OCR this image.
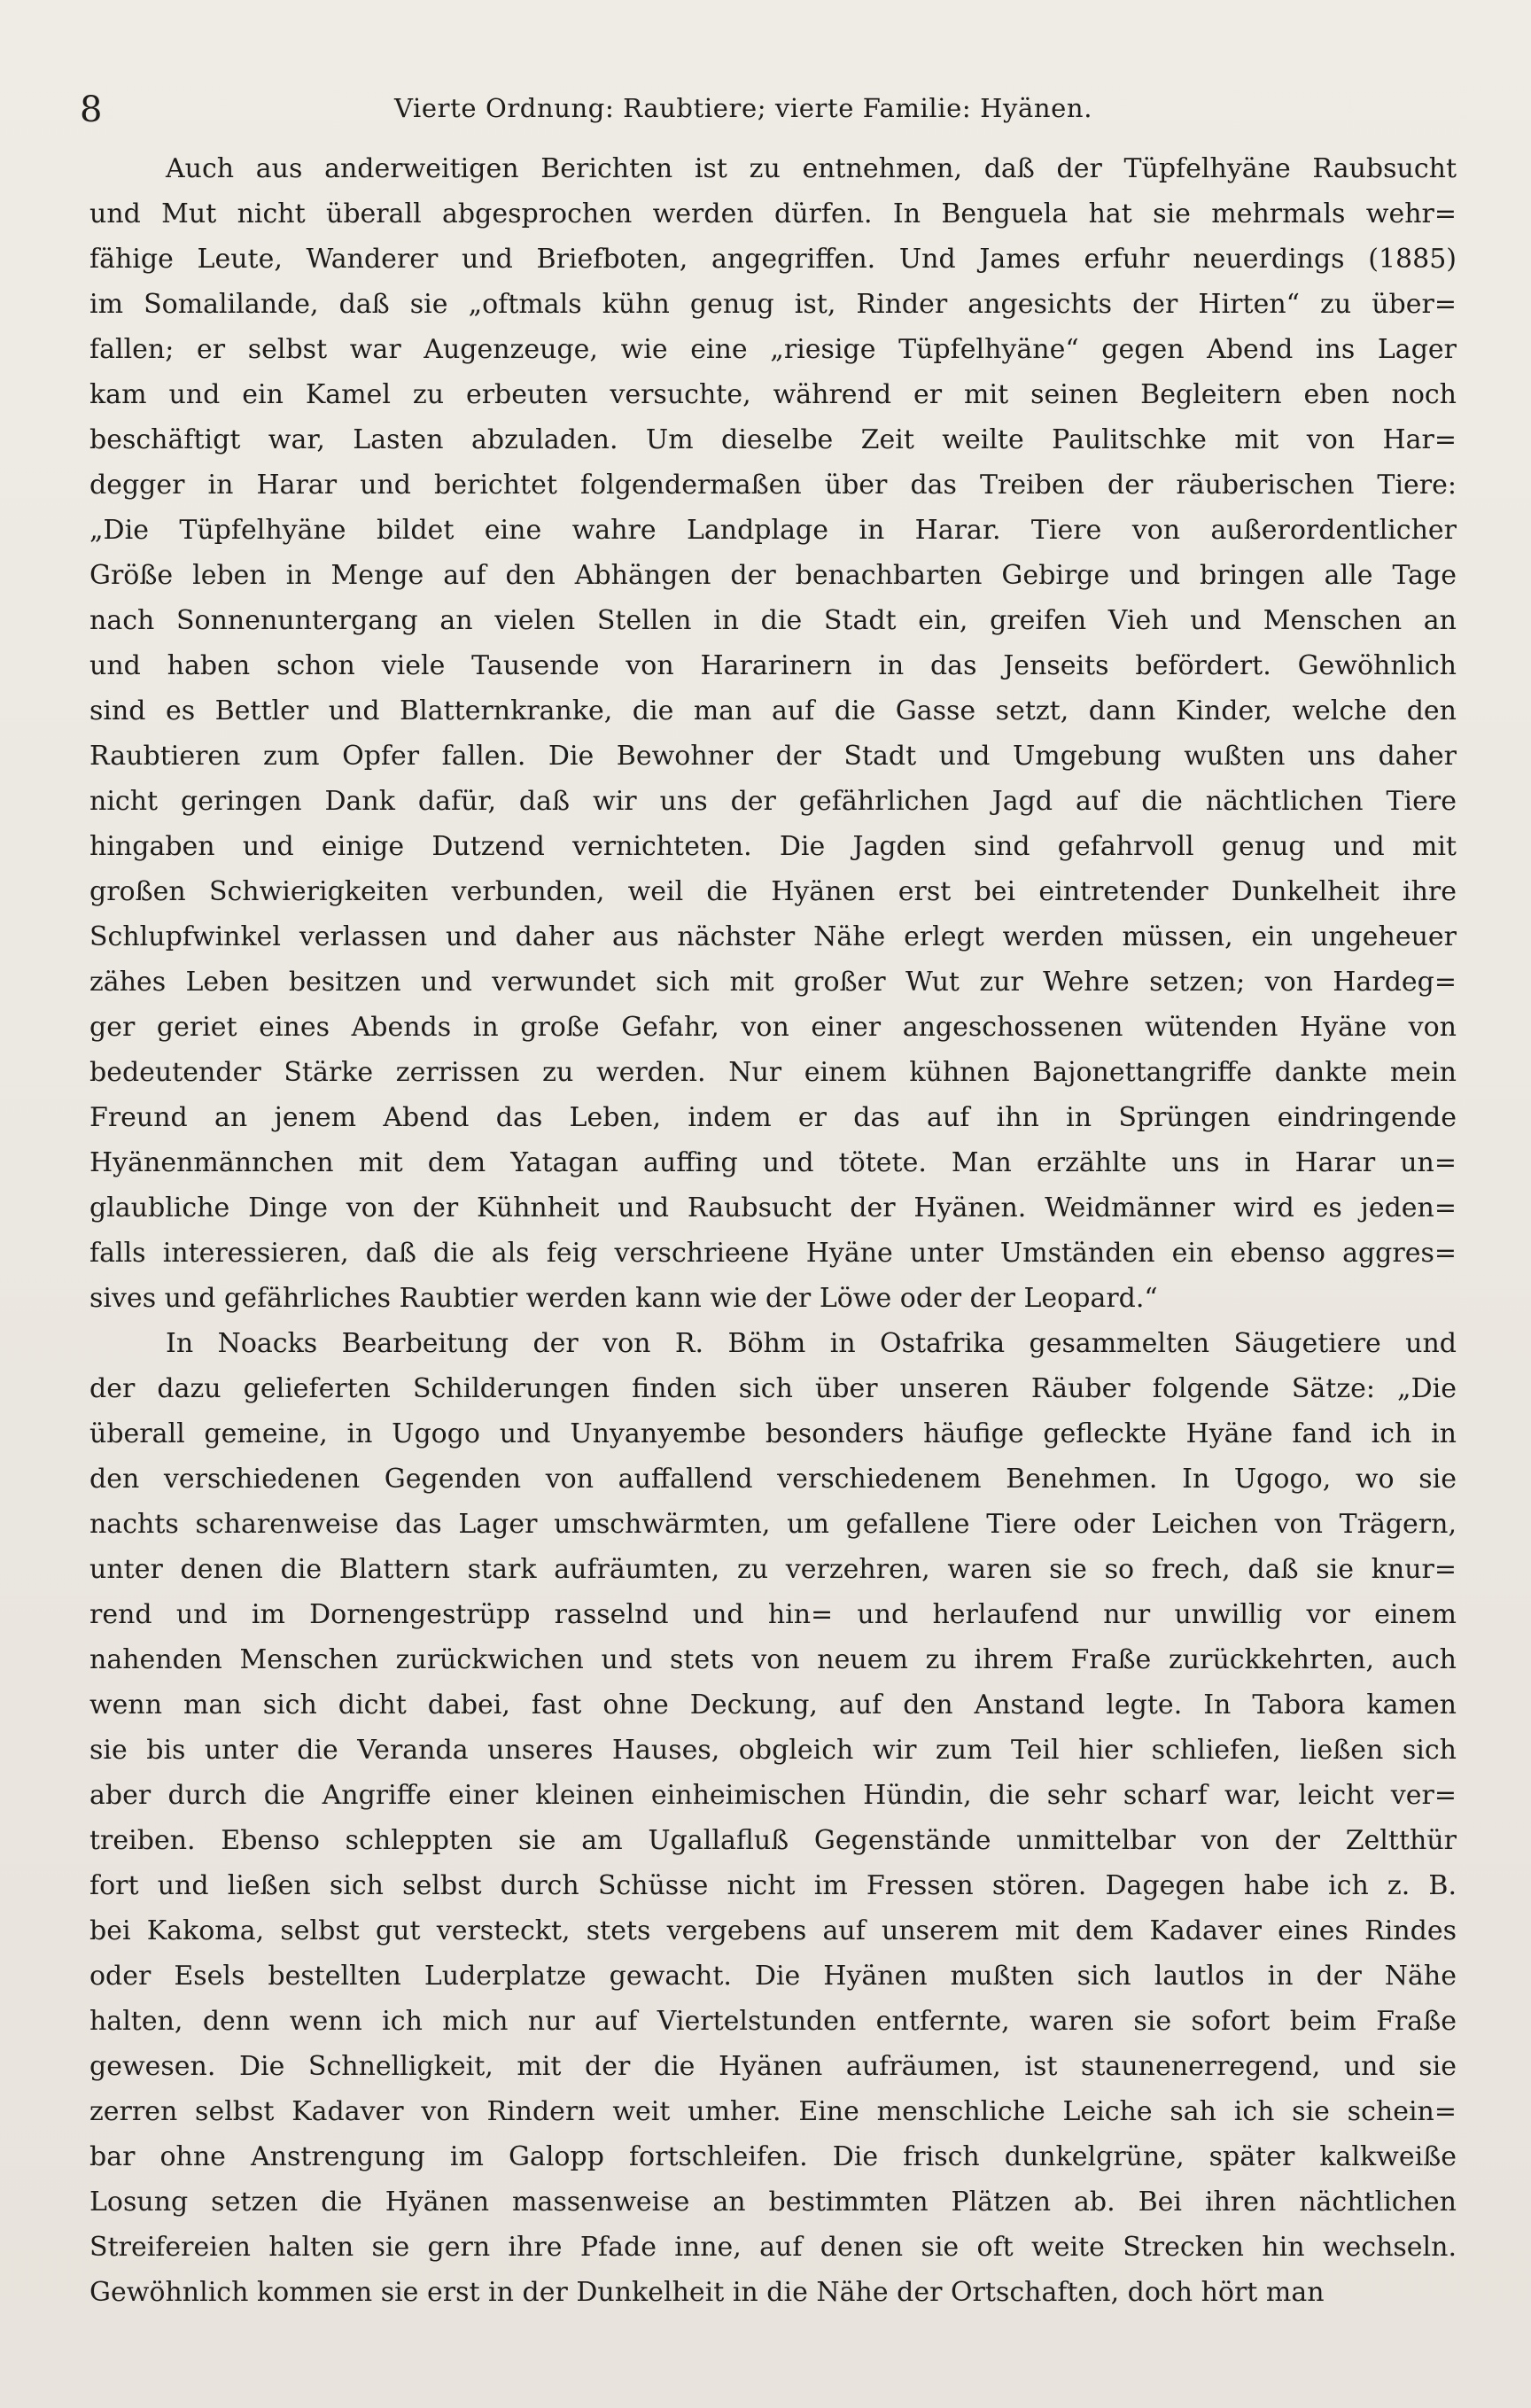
8	Vierte Ordnung: Raubtiere; vierte Familie: Hyänen.
Auch aus anderweitigen Berichten ist zu entnehmen, daß der Tüpfelhyäne Raubsucht
und Mut nicht überall abgesprochen werden dürfen. In Benguela hat sie mehrmals wehr=
fähige Leute, Wanderer und Briefboten, angegriffen. Und James erfuhr neuerdings (1885)
im Somalilande, daß sie „oftmals kühn genug ist, Rinder angesichts der Hirten“ zu über=
fallen; er selbst war Augenzeuge, wie eine „riesige Tüpfelhyäne“ gegen Abend ins Lager
kam und ein Kamel zu erbeuten versuchte, während er mit seinen Begleitern eben noch
beschäftigt war, Lasten abzuladen. Um dieselbe Zeit weilte Paulitschke mit von Har=
degger in Harar und berichtet folgendermaßen über das Treiben der räuberischen Tiere:
„Die Tüpfelhyäne bildet eine wahre Landplage in Harar. Tiere von außerordentlicher
Größe leben in Menge auf den Abhängen der benachbarten Gebirge und bringen alle Tage
nach Sonnenuntergang an vielen Stellen in die Stadt ein, greifen Vieh und Menschen an
und haben schon viele Tausende von Hararinern in das Jenseits befördert. Gewöhnlich
sind es Bettler und Blatternkranke, die man auf die Gasse setzt, dann Kinder, welche den
Raubtieren zum Opfer fallen. Die Bewohner der Stadt und Umgebung wußten uns daher
nicht geringen Dank dafür, daß wir uns der gefährlichen Jagd auf die nächtlichen Tiere
hingaben und einige Dutzend vernichteten. Die Jagden sind gefahrvoll genug und mit
großen Schwierigkeiten verbunden, weil die Hyänen erst bei eintretender Dunkelheit ihre
Schlupfwinkel verlassen und daher aus nächster Nähe erlegt werden müssen, ein ungeheuer
zähes Leben besitzen und verwundet sich mit großer Wut zur Wehre setzen; von Hardeg=
ger geriet eines Abends in große Gefahr, von einer angeschossenen wütenden Hyäne von
bedeutender Stärke zerrissen zu werden. Nur einem kühnen Bajonettangriffe dankte mein
Freund an jenem Abend das Leben, indem er das auf ihn in Sprüngen eindringende
Hyänenmännchen mit dem Yatagan auffing und tötete. Man erzählte uns in Harar un=
glaubliche Dinge von der Kühnheit und Raubsucht der Hyänen. Weidmänner wird es jeden=
falls interessieren, daß die als feig verschrieene Hyäne unter Umständen ein ebenso aggres=
sives und gefährliches Raubtier werden kann wie der Löwe oder der Leopard.“
In Noacks Bearbeitung der von R. Böhm in Ostafrika gesammelten Säugetiere und
der dazu gelieferten Schilderungen finden sich über unseren Räuber folgende Sätze: „Die
überall gemeine, in Ugogo und Unyanyembe besonders häufige gefleckte Hyäne fand ich in
den verschiedenen Gegenden von auffallend verschiedenem Benehmen. In Ugogo, wo sie
nachts scharenweise das Lager umschwärmten, um gefallene Tiere oder Leichen von Trägern,
unter denen die Blattern stark aufräumten, zu verzehren, waren sie so frech, daß sie knur=
rend und im Dornengestrüpp rasselnd und hin= und herlaufend nur unwillig vor einem
nahenden Menschen zurückwichen und stets von neuem zu ihrem Fraße zurückkehrten, auch
wenn man sich dicht dabei, fast ohne Deckung, auf den Anstand legte. In Tabora kamen
sie bis unter die Veranda unseres Hauses, obgleich wir zum Teil hier schliefen, ließen sich
aber durch die Angriffe einer kleinen einheimischen Hündin, die sehr scharf war, leicht ver=
treiben. Ebenso schleppten sie am Ugallafluß Gegenstände unmittelbar von der Zeltthür
fort und ließen sich selbst durch Schüsse nicht im Fressen stören. Dagegen habe ich z. B.
bei Kakoma, selbst gut versteckt, stets vergebens auf unserem mit dem Kadaver eines Rindes
oder Esels bestellten Luderplatze gewacht. Die Hyänen mußten sich lautlos in der Nähe
halten, denn wenn ich mich nur auf Viertelstunden entfernte, waren sie sofort beim Fraße
gewesen. Die Schnelligkeit, mit der die Hyänen aufräumen, ist staunenerregend, und sie
zerren selbst Kadaver von Rindern weit umher. Eine menschliche Leiche sah ich sie schein=
bar ohne Anstrengung im Galopp fortschleifen. Die frisch dunkelgrüne, später kalkweiße
Losung setzen die Hyänen massenweise an bestimmten Plätzen ab. Bei ihren nächtlichen
Streifereien halten sie gern ihre Pfade inne, auf denen sie oft weite Strecken hin wechseln.
Gewöhnlich kommen sie erst in der Dunkelheit in die Nähe der Ortschaften, doch hört man
